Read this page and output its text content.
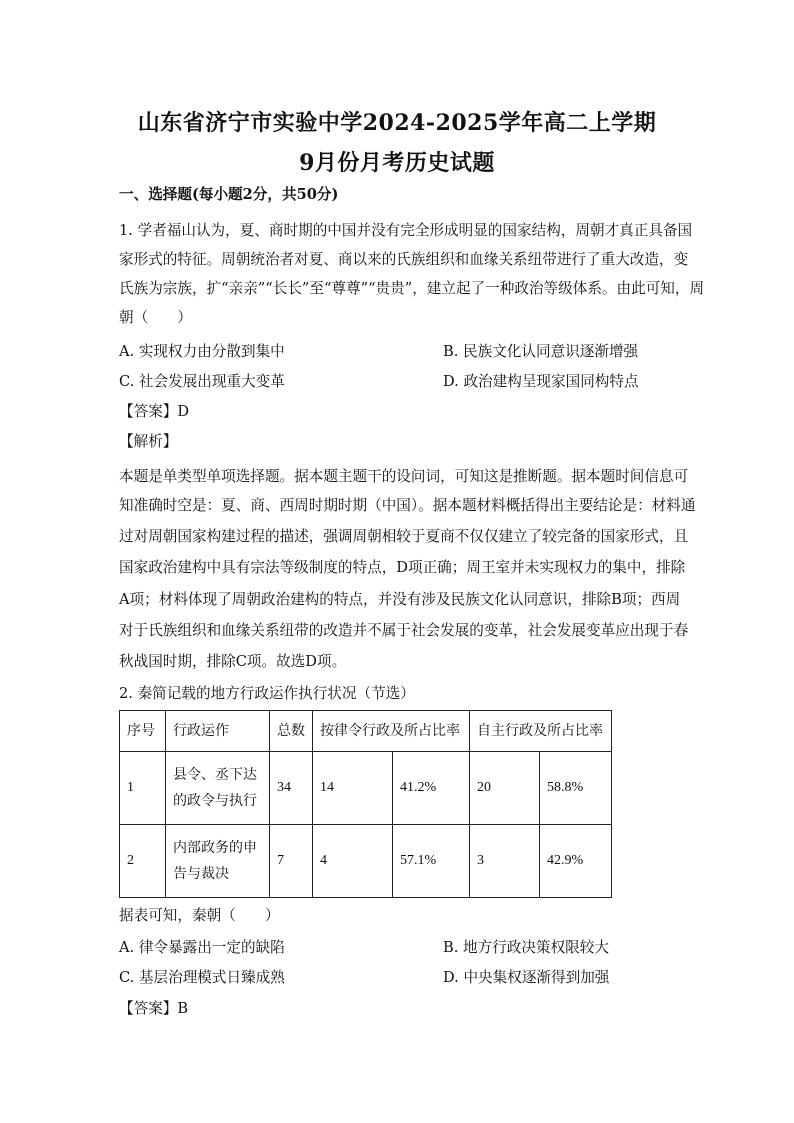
山东省济宁市实验中学2024-2025学年高二上学期
9月份月考历史试题
一、选择题(每小题2分，共50分)
1. 学者福山认为，夏、商时期的中国并没有完全形成明显的国家结构，周朝才真正具备国
家形式的特征。周朝统治者对夏、商以来的氏族组织和血缘关系纽带进行了重大改造，变
氏族为宗族，扩“亲亲”“长长”至“尊尊”“贵贵”，建立起了一种政治等级体系。由此可知，周
朝（　　）
A. 实现权力由分散到集中	B. 民族文化认同意识逐渐增强
C. 社会发展出现重大变革	D. 政治建构呈现家国同构特点
【答案】D
【解析】
本题是单类型单项选择题。据本题主题干的设问词，可知这是推断题。据本题时间信息可
知准确时空是：夏、商、西周时期时期（中国）。据本题材料概括得出主要结论是：材料通
过对周朝国家构建过程的描述，强调周朝相较于夏商不仅仅建立了较完备的国家形式，且
国家政治建构中具有宗法等级制度的特点，D项正确；周王室并未实现权力的集中，排除
A项；材料体现了周朝政治建构的特点，并没有涉及民族文化认同意识，排除B项；西周
对于氏族组织和血缘关系纽带的改造并不属于社会发展的变革，社会发展变革应出现于春
秋战国时期，排除C项。故选D项。
2. 秦简记载的地方行政运作执行状况（节选）
序号	行政运作	总数	按律令行政及所占比率		自主行政及所占比率	
1	县令、丞下达
的政令与执行	34	14	41.2%	20	58.8%
2	内部政务的申
告与裁决	7	4	57.1%	3	42.9%
据表可知，秦朝（　　）
A. 律令暴露出一定的缺陷	B. 地方行政决策权限较大
C. 基层治理模式日臻成熟	D. 中央集权逐渐得到加强
【答案】B
